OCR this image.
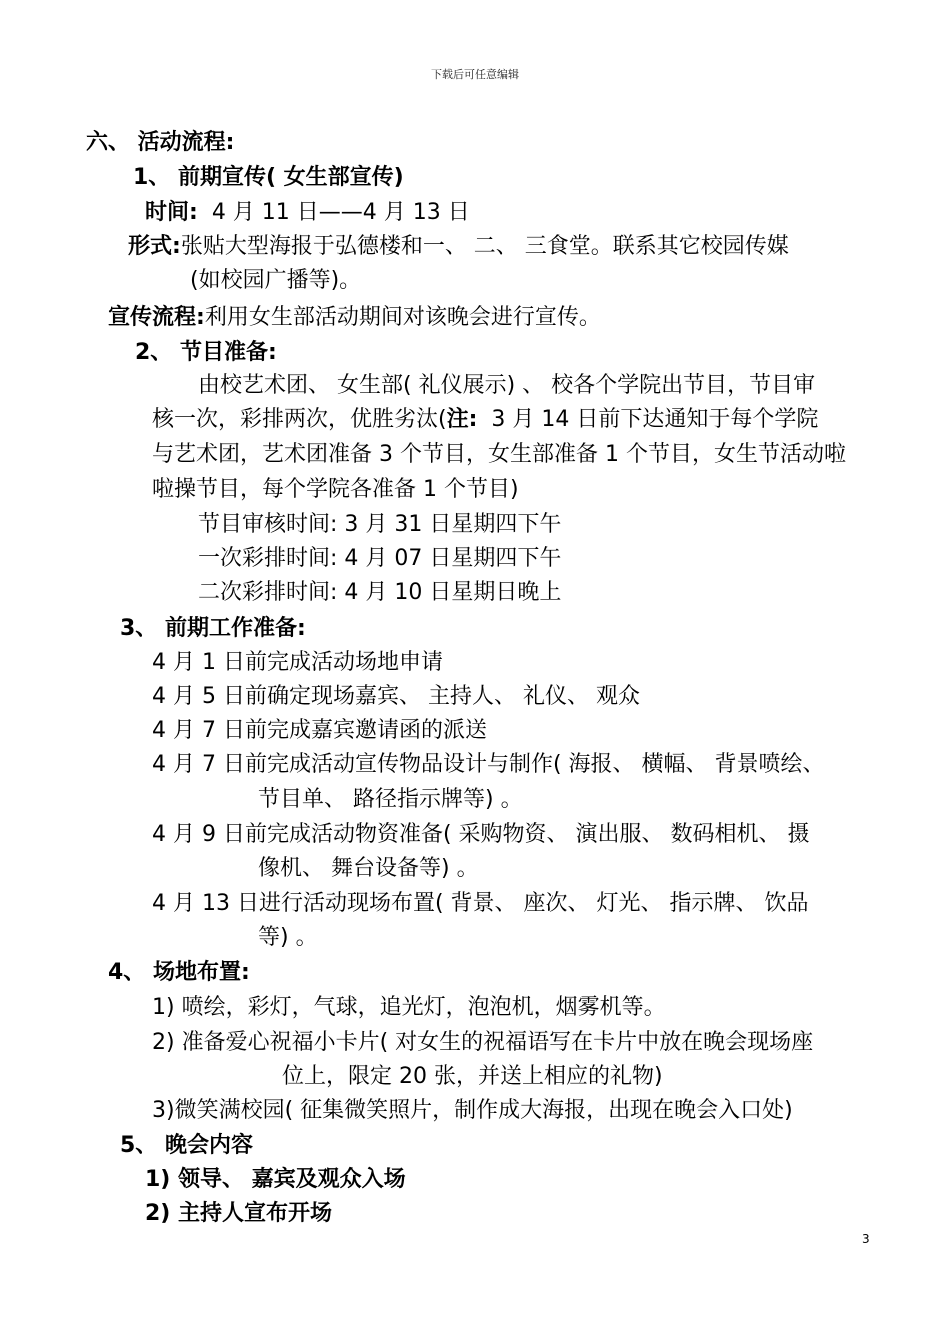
下载后可任意编辑
六、 活动流程:
1、 前期宣传( 女生部宣传)
时间: 4 月 11 日——4 月 13 日
形式:张贴大型海报于弘德楼和一、 二、 三食堂。联系其它校园传媒
(如校园广播等)。
宣传流程:利用女生部活动期间对该晚会进行宣传。
2、 节目准备:
由校艺术团、 女生部( 礼仪展示) 、 校各个学院出节目，节目审
核一次，彩排两次，优胜劣汰(注: 3 月 14 日前下达通知于每个学院
与艺术团，艺术团准备 3 个节目，女生部准备 1 个节目，女生节活动啦
啦操节目，每个学院各准备 1 个节目)
节目审核时间: 3 月 31 日星期四下午
一次彩排时间: 4 月 07 日星期四下午
二次彩排时间: 4 月 10 日星期日晚上
3、 前期工作准备:
4 月 1 日前完成活动场地申请
4 月 5 日前确定现场嘉宾、 主持人、 礼仪、 观众
4 月 7 日前完成嘉宾邀请函的派送
4 月 7 日前完成活动宣传物品设计与制作( 海报、 横幅、 背景喷绘、
节目单、 路径指示牌等) 。
4 月 9 日前完成活动物资准备( 采购物资、 演出服、 数码相机、 摄
像机、 舞台设备等) 。
4 月 13 日进行活动现场布置( 背景、 座次、 灯光、 指示牌、 饮品
等) 。
4、 场地布置:
1) 喷绘，彩灯，气球，追光灯，泡泡机，烟雾机等。
2) 准备爱心祝福小卡片( 对女生的祝福语写在卡片中放在晚会现场座
位上，限定 20 张，并送上相应的礼物)
3)微笑满校园( 征集微笑照片，制作成大海报，出现在晚会入口处)
5、 晚会内容
1) 领导、 嘉宾及观众入场
2) 主持人宣布开场
3
